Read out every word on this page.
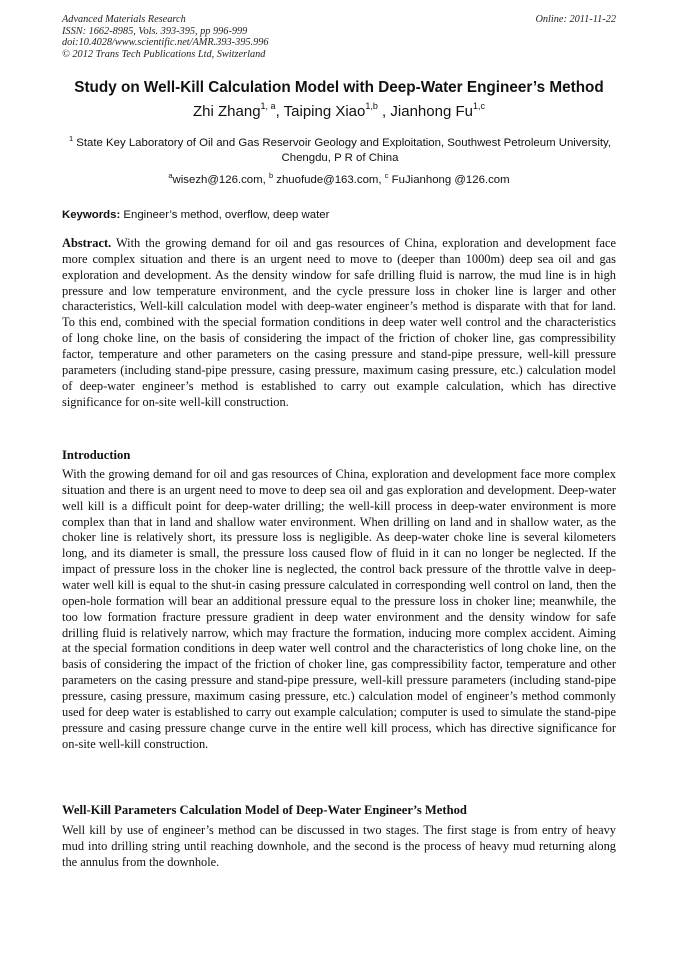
Advanced Materials Research
ISSN: 1662-8985, Vols. 393-395, pp 996-999
doi:10.4028/www.scientific.net/AMR.393-395.996
© 2012 Trans Tech Publications Ltd, Switzerland
Online: 2011-11-22
Study on Well-Kill Calculation Model with Deep-Water Engineer’s Method
Zhi Zhang$^{1, a}$, Taiping Xiao$^{1,b}$ , Jianhong Fu$^{1,c}$
$^1$ State Key Laboratory of Oil and Gas Reservoir Geology and Exploitation, Southwest Petroleum University, Chengdu, P R of China
$^a$wisezh@126.com, $^b$ zhuofude@163.com, $^c$ FuJianhong @126.com
Keywords: Engineer’s method, overflow, deep water

Abstract. With the growing demand for oil and gas resources of China, exploration and development face more complex situation and there is an urgent need to move to (deeper than 1000m) deep sea oil and gas exploration and development. As the density window for safe drilling fluid is narrow, the mud line is in high pressure and low temperature environment, and the cycle pressure loss in choker line is larger and other characteristics, Well-kill calculation model with deep-water engineer’s method is disparate with that for land. To this end, combined with the special formation conditions in deep water well control and the characteristics of long choke line, on the basis of considering the impact of the friction of choker line, gas compressibility factor, temperature and other parameters on the casing pressure and stand-pipe pressure, well-kill pressure parameters (including stand-pipe pressure, casing pressure, maximum casing pressure, etc.) calculation model of deep-water engineer’s method is established to carry out example calculation, which has directive significance for on-site well-kill construction.

Introduction

With the growing demand for oil and gas resources of China, exploration and development face more complex situation and there is an urgent need to move to deep sea oil and gas exploration and development. Deep-water well kill is a difficult point for deep-water drilling; the well-kill process in deep-water environment is more complex than that in land and shallow water environment. When drilling on land and in shallow water, as the choker line is relatively short, its pressure loss is negligible. As deep-water choke line is several kilometers long, and its diameter is small, the pressure loss caused flow of fluid in it can no longer be neglected. If the impact of pressure loss in the choker line is neglected, the control back pressure of the throttle valve in deep-water well kill is equal to the shut-in casing pressure calculated in corresponding well control on land, then the open-hole formation will bear an additional pressure equal to the pressure loss in choker line; meanwhile, the too low formation fracture pressure gradient in deep water environment and the density window for safe drilling fluid is relatively narrow, which may fracture the formation, inducing more complex accident. Aiming at the special formation conditions in deep water well control and the characteristics of long choke line, on the basis of considering the impact of the friction of choker line, gas compressibility factor, temperature and other parameters on the casing pressure and stand-pipe pressure, well-kill pressure parameters (including stand-pipe pressure, casing pressure, maximum casing pressure, etc.) calculation model of engineer’s method commonly used for deep water is established to carry out example calculation; computer is used to simulate the stand-pipe pressure and casing pressure change curve in the entire well kill process, which has directive significance for on-site well-kill construction.

Well-Kill Parameters Calculation Model of Deep-Water Engineer’s Method

Well kill by use of engineer’s method can be discussed in two stages. The first stage is from entry of heavy mud into drilling string until reaching downhole, and the second is the process of heavy mud returning along the annulus from the downhole.
